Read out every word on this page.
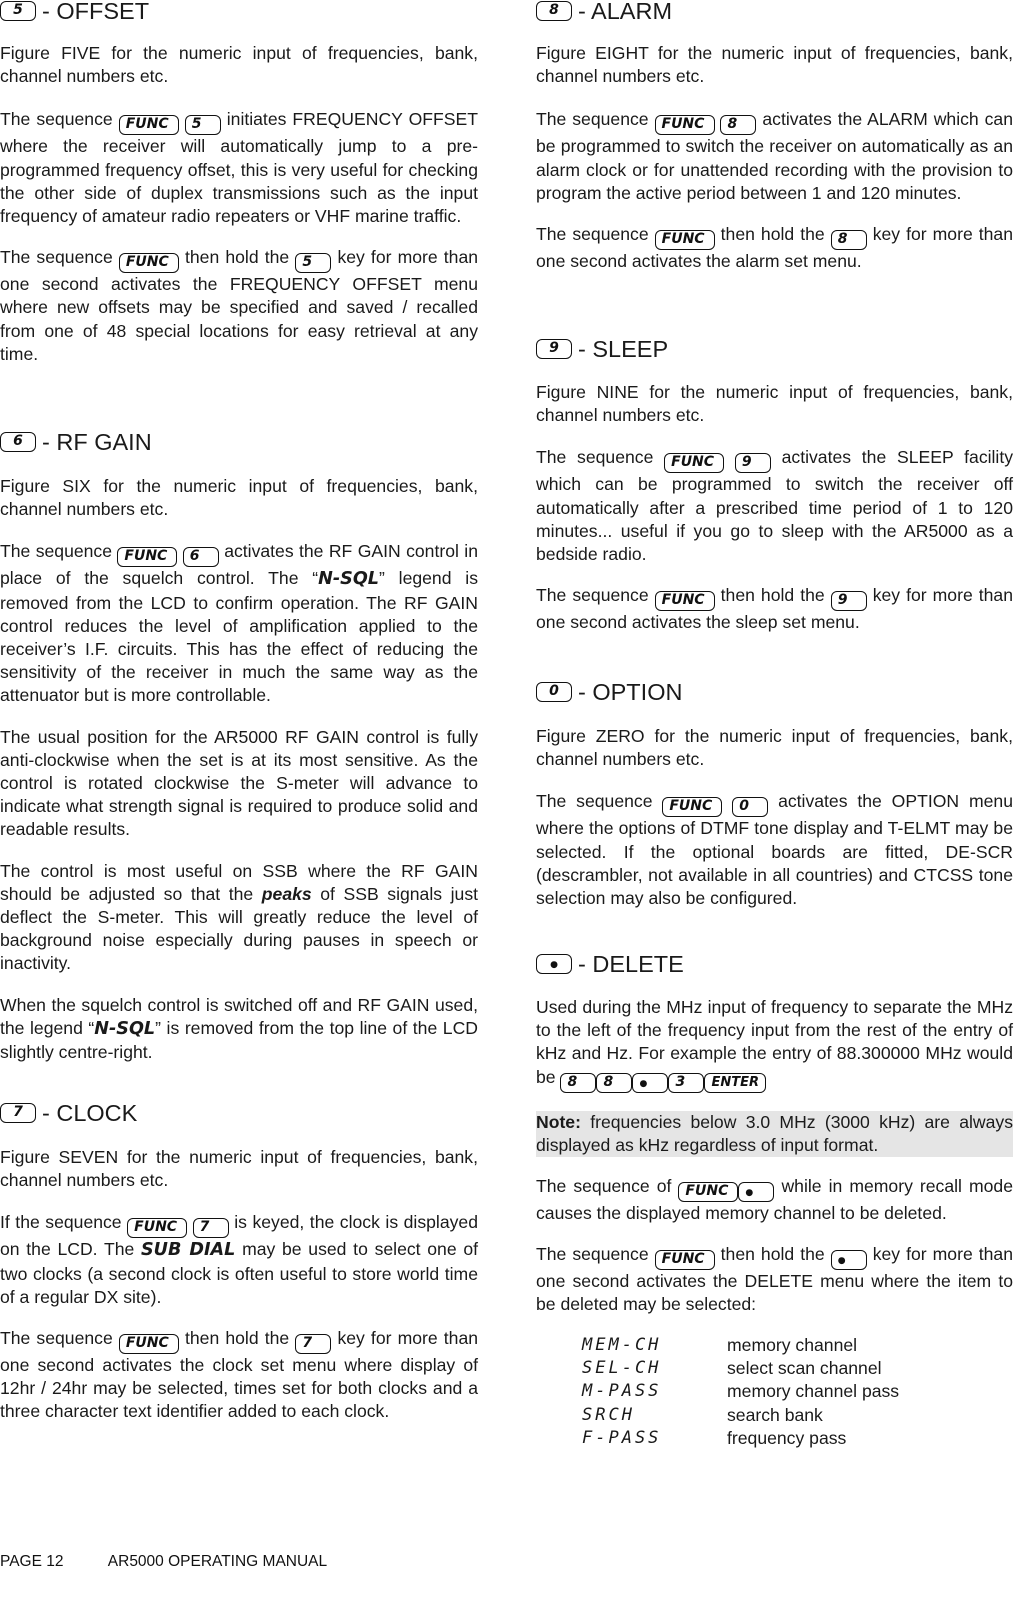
5 - OFFSET

Figure FIVE for the numeric input of frequencies, bank, channel numbers etc.

The sequence FUNC 5 initiates FREQUENCY OFFSET where the receiver will automatically jump to a pre-programmed frequency offset, this is very useful for checking the other side of duplex transmissions such as the input frequency of amateur radio repeaters or VHF marine traffic.

The sequence FUNC then hold the 5 key for more than one second activates the FREQUENCY OFFSET menu where new offsets may be specified and saved / recalled from one of 48 special locations for easy retrieval at any time.

6 - RF GAIN

Figure SIX for the numeric input of frequencies, bank, channel numbers etc.

The sequence FUNC 6 activates the RF GAIN control in place of the squelch control. The “N-SQL” legend is removed from the LCD to confirm operation. The RF GAIN control reduces the level of amplification applied to the receiver’s I.F. circuits. This has the effect of reducing the sensitivity of the receiver in much the same way as the attenuator but is more controllable.

The usual position for the AR5000 RF GAIN control is fully anti-clockwise when the set is at its most sensitive. As the control is rotated clockwise the S-meter will advance to indicate what strength signal is required to produce solid and readable results.

The control is most useful on SSB where the RF GAIN should be adjusted so that the peaks of SSB signals just deflect the S-meter. This will greatly reduce the level of background noise especially during pauses in speech or inactivity.

When the squelch control is switched off and RF GAIN used, the legend “N-SQL” is removed from the top line of the LCD slightly centre-right.

7 - CLOCK

Figure SEVEN for the numeric input of frequencies, bank, channel numbers etc.

If the sequence FUNC 7 is keyed, the clock is displayed on the LCD. The SUB DIAL may be used to select one of two clocks (a second clock is often useful to store world time of a regular DX site).

The sequence FUNC then hold the 7 key for more than one second activates the clock set menu where display of 12hr / 24hr may be selected, times set for both clocks and a three character text identifier added to each clock.

8 - ALARM

Figure EIGHT for the numeric input of frequencies, bank, channel numbers etc.

The sequence FUNC 8 activates the ALARM which can be programmed to switch the receiver on automatically as an alarm clock or for unattended recording with the provision to program the active period between 1 and 120 minutes.

The sequence FUNC then hold the 8 key for more than one second activates the alarm set menu.

9 - SLEEP

Figure NINE for the numeric input of frequencies, bank, channel numbers etc.

The sequence FUNC 9 activates the SLEEP facility which can be programmed to switch the receiver off automatically after a prescribed time period of 1 to 120 minutes... useful if you go to sleep with the AR5000 as a bedside radio.

The sequence FUNC then hold the 9 key for more than one second activates the sleep set menu.

0 - OPTION

Figure ZERO for the numeric input of frequencies, bank, channel numbers etc.

The sequence FUNC 0 activates the OPTION menu where the options of DTMF tone display and T-ELMT may be selected. If the optional boards are fitted, DE-SCR (descrambler, not available in all countries) and CTCSS tone selection may also be configured.

●
- DELETE

Used during the MHz input of frequency to separate the MHz to the left of the frequency input from the rest of the entry of kHz and Hz. For example the entry of 88.300000 MHz would be 8 8 ●	3 ENTER

Note: frequencies below 3.0 MHz (3000 kHz) are always displayed as kHz regardless of input format.

The sequence of FUNC ●	while in memory recall mode causes the displayed memory channel to be deleted.

The sequence FUNC then hold the ●	key for more than one second activates the DELETE menu where the item to be deleted may be selected:

MEM-CH	memory channel
SEL-CH	select scan channel
M-PASS	memory channel pass
SRCH	search bank
F-PASS	frequency pass
PAGE 12	AR5000 OPERATING MANUAL
